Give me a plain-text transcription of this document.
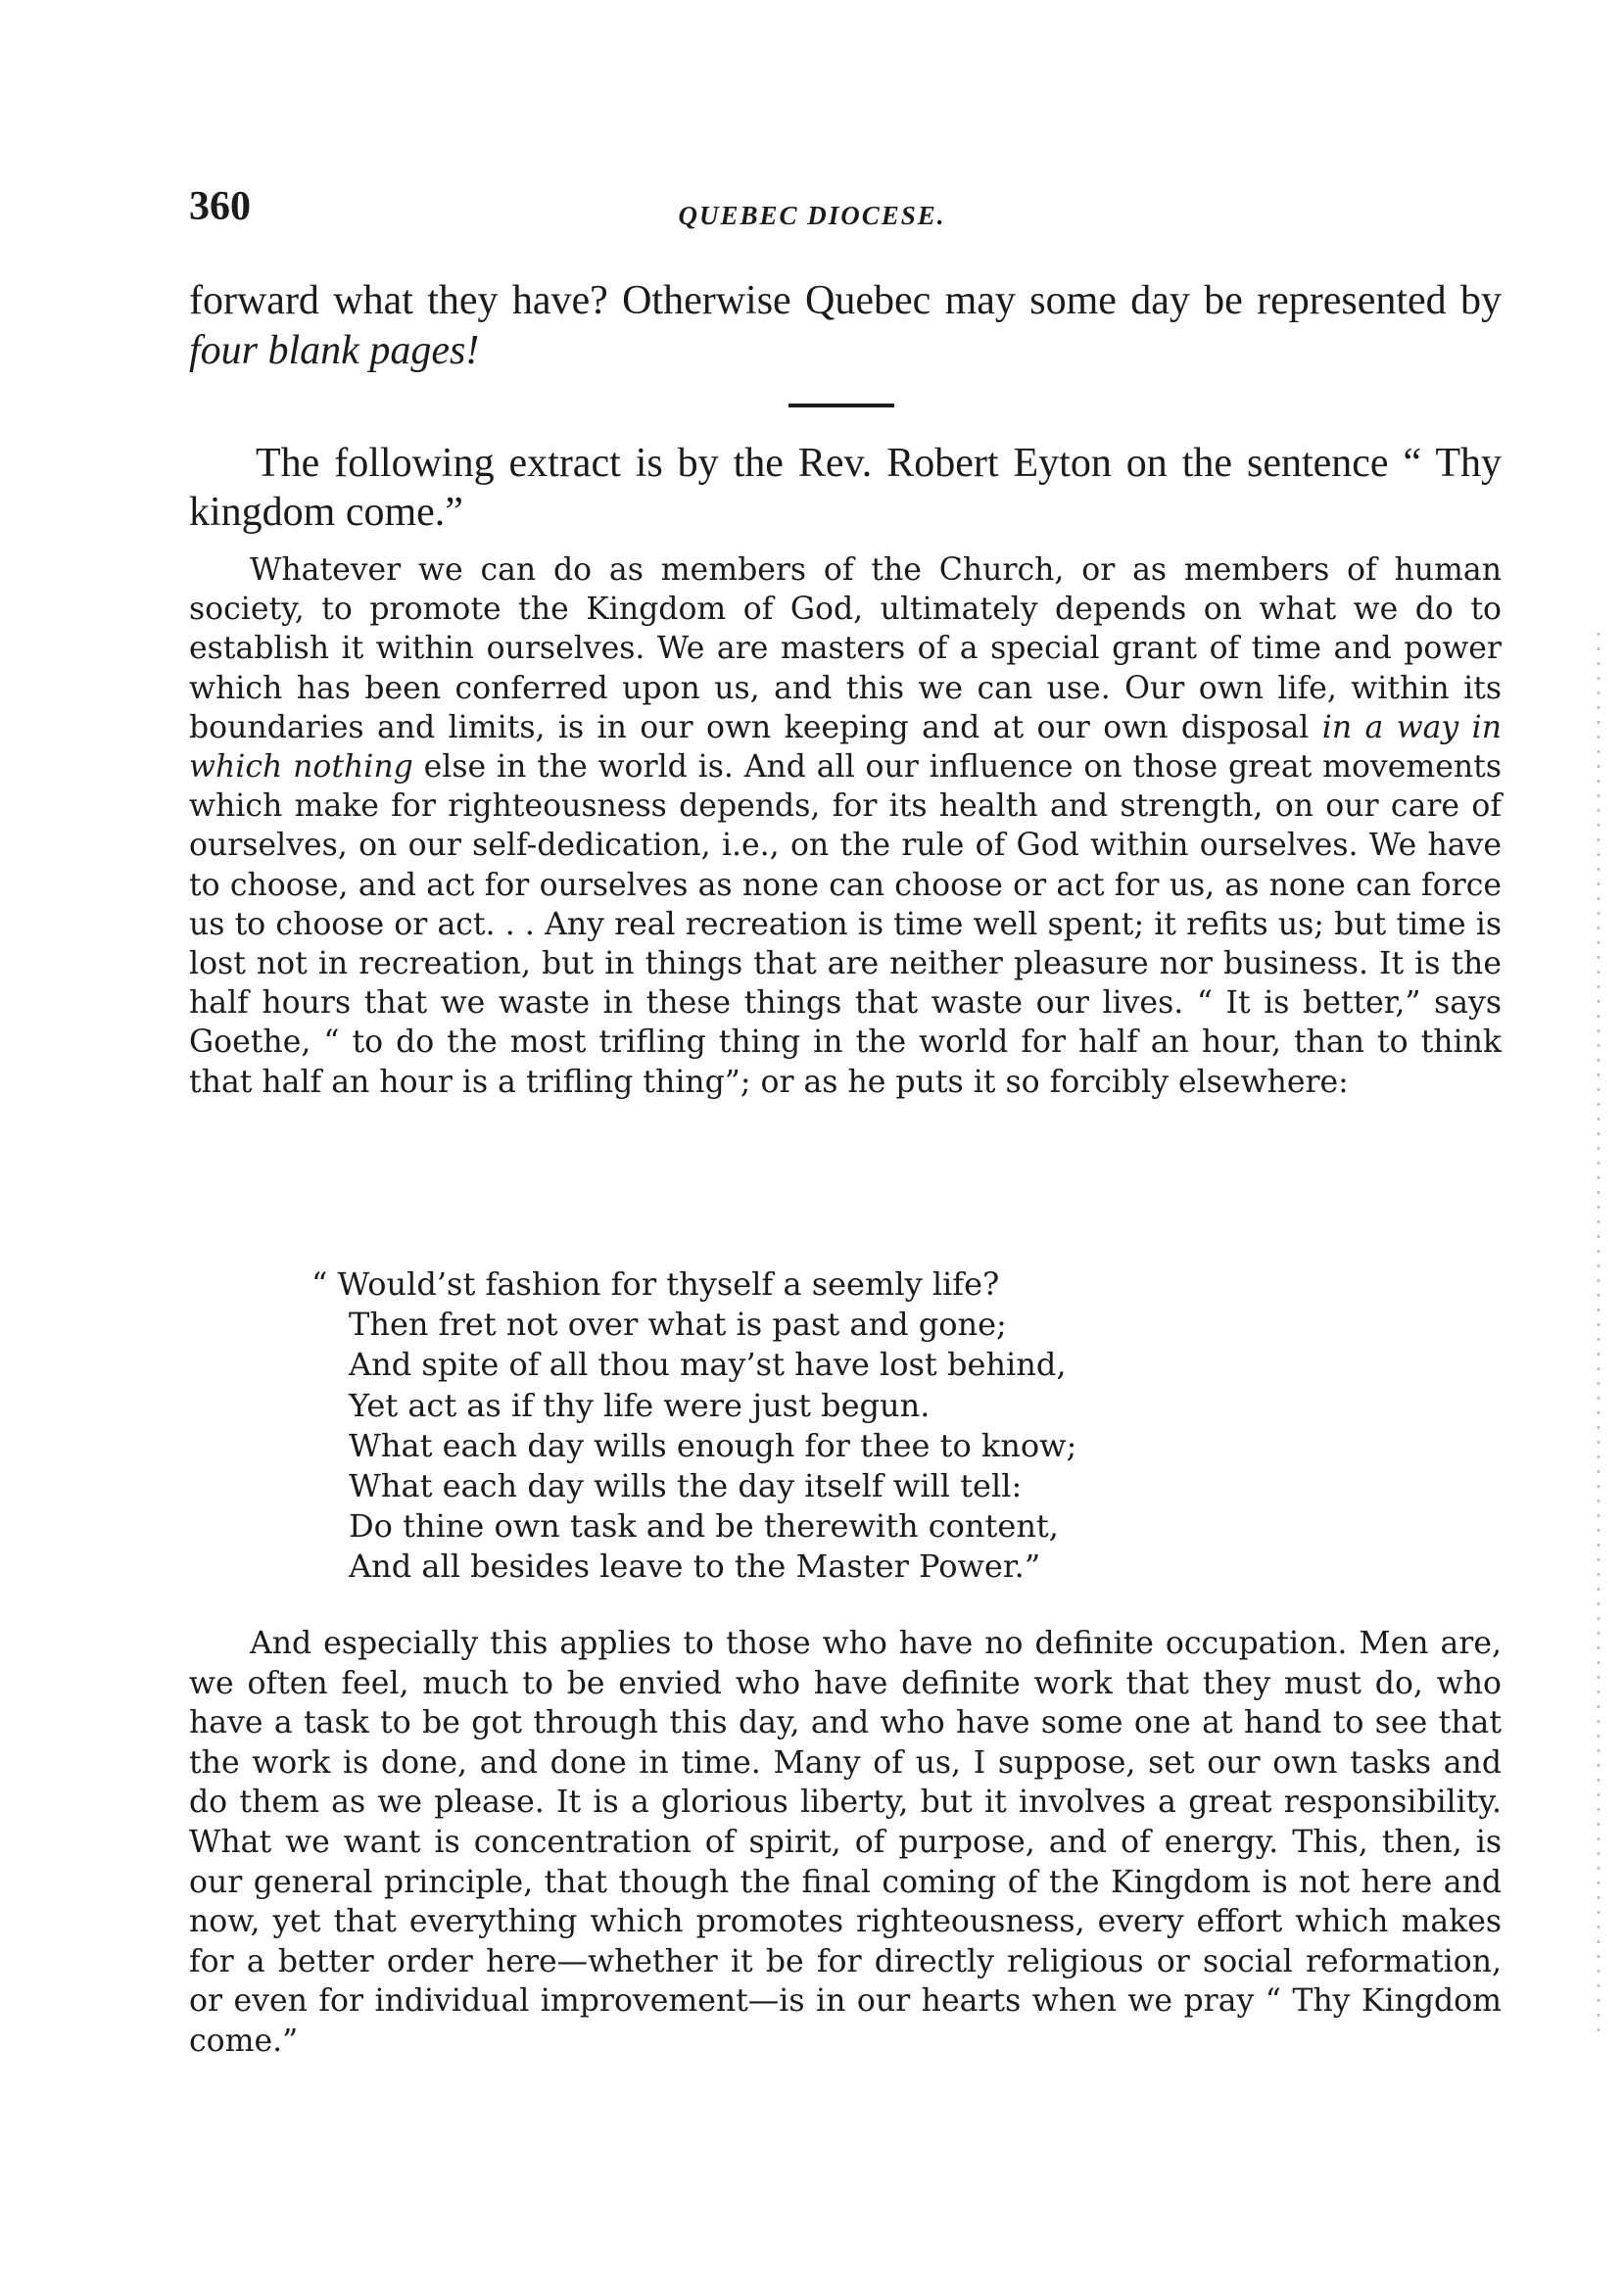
360	QUEBEC DIOCESE.
forward what they have? Otherwise Quebec may some day be represented by four blank pages!
The following extract is by the Rev. Robert Eyton on the sentence “ Thy kingdom come.”
Whatever we can do as members of the Church, or as members of human society, to promote the Kingdom of God, ultimately depends on what we do to establish it within ourselves. We are masters of a special grant of time and power which has been conferred upon us, and this we can use. Our own life, within its boundaries and limits, is in our own keeping and at our own disposal in a way in which nothing else in the world is. And all our influence on those great movements which make for righteousness depends, for its health and strength, on our care of ourselves, on our self-dedication, i.e., on the rule of God within ourselves. We have to choose, and act for ourselves as none can choose or act for us, as none can force us to choose or act. . . Any real recreation is time well spent; it refits us; but time is lost not in recreation, but in things that are neither pleasure nor business. It is the half hours that we waste in these things that waste our lives. “ It is better,” says Goethe, “ to do the most trifling thing in the world for half an hour, than to think that half an hour is a trifling thing”; or as he puts it so forcibly elsewhere:
“ Would’st fashion for thyself a seemly life?
Then fret not over what is past and gone;
And spite of all thou may’st have lost behind,
Yet act as if thy life were just begun.
What each day wills enough for thee to know;
What each day wills the day itself will tell:
Do thine own task and be therewith content,
And all besides leave to the Master Power.”
And especially this applies to those who have no definite occupation. Men are, we often feel, much to be envied who have definite work that they must do, who have a task to be got through this day, and who have some one at hand to see that the work is done, and done in time. Many of us, I suppose, set our own tasks and do them as we please. It is a glorious liberty, but it involves a great responsibility. What we want is concentration of spirit, of purpose, and of energy. This, then, is our general principle, that though the final coming of the Kingdom is not here and now, yet that everything which promotes righteousness, every effort which makes for a better order here—whether it be for directly religious or social reformation, or even for individual improvement—is in our hearts when we pray “ Thy Kingdom come.”
